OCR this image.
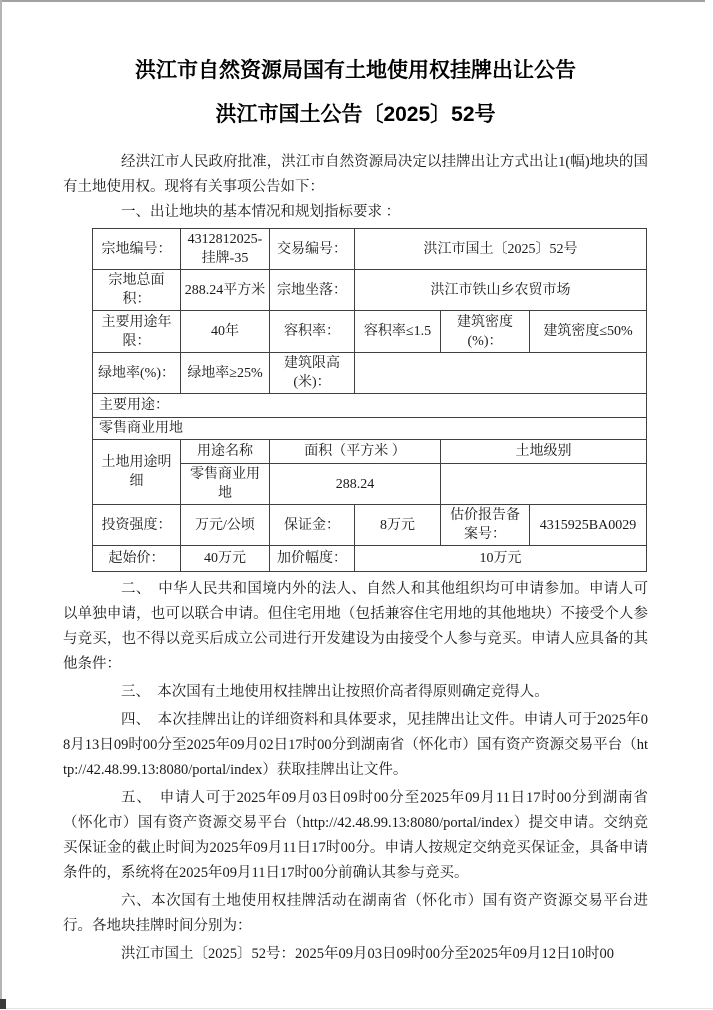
洪江市自然资源局国有土地使用权挂牌出让公告
洪江市国土公告〔2025〕52号

经洪江市人民政府批准，洪江市自然资源局决定以挂牌出让方式出让1(幅)地块的国有土地使用权。现将有关事项公告如下：

一、出让地块的基本情况和规划指标要求 ：

宗地编号：	4312812025-挂牌-35	交易编号：	洪江市国土〔2025〕52号		
宗地总面积：	288.24平方米	宗地坐落：	洪江市铁山乡农贸市场		
主要用途年限：	40年	容积率：	容积率≤1.5	建筑密度(%)：	建筑密度≤50%
绿地率(%)：	绿地率≥25%	建筑限高(米)：			
主要用途：					
零售商业用地					
土地用途明细	用途名称	面积（平方米 ）		土地级别	
	零售商业用地	288.24			
投资强度：	万元/公顷	保证金：	8万元	估价报告备案号：	4315925BA0029
起始价：	40万元	加价幅度：	10万元		

二、　中华人民共和国境内外的法人、自然人和其他组织均可申请参加。申请人可以单独申请，也可以联合申请。但住宅用地（包括兼容住宅用地的其他地块）不接受个人参与竞买，也不得以竞买后成立公司进行开发建设为由接受个人参与竞买。申请人应具备的其他条件：

三、　本次国有土地使用权挂牌出让按照价高者得原则确定竞得人。

四、　本次挂牌出让的详细资料和具体要求，见挂牌出让文件。申请人可于2025年08月13日09时00分至2025年09月02日17时00分到湖南省（怀化市）国有资产资源交易平台（http://42.48.99.13:8080/portal/index）获取挂牌出让文件。

五、　申请人可于2025年09月03日09时00分至2025年09月11日17时00分到湖南省（怀化市）国有资产资源交易平台（http://42.48.99.13:8080/portal/index）提交申请。交纳竞买保证金的截止时间为2025年09月11日17时00分。申请人按规定交纳竞买保证金，具备申请条件的，系统将在2025年09月11日17时00分前确认其参与竞买。

六、本次国有土地使用权挂牌活动在湖南省（怀化市）国有资产资源交易平台进行。各地块挂牌时间分别为：

洪江市国土〔2025〕52号：2025年09月03日09时00分至2025年09月12日10时00
